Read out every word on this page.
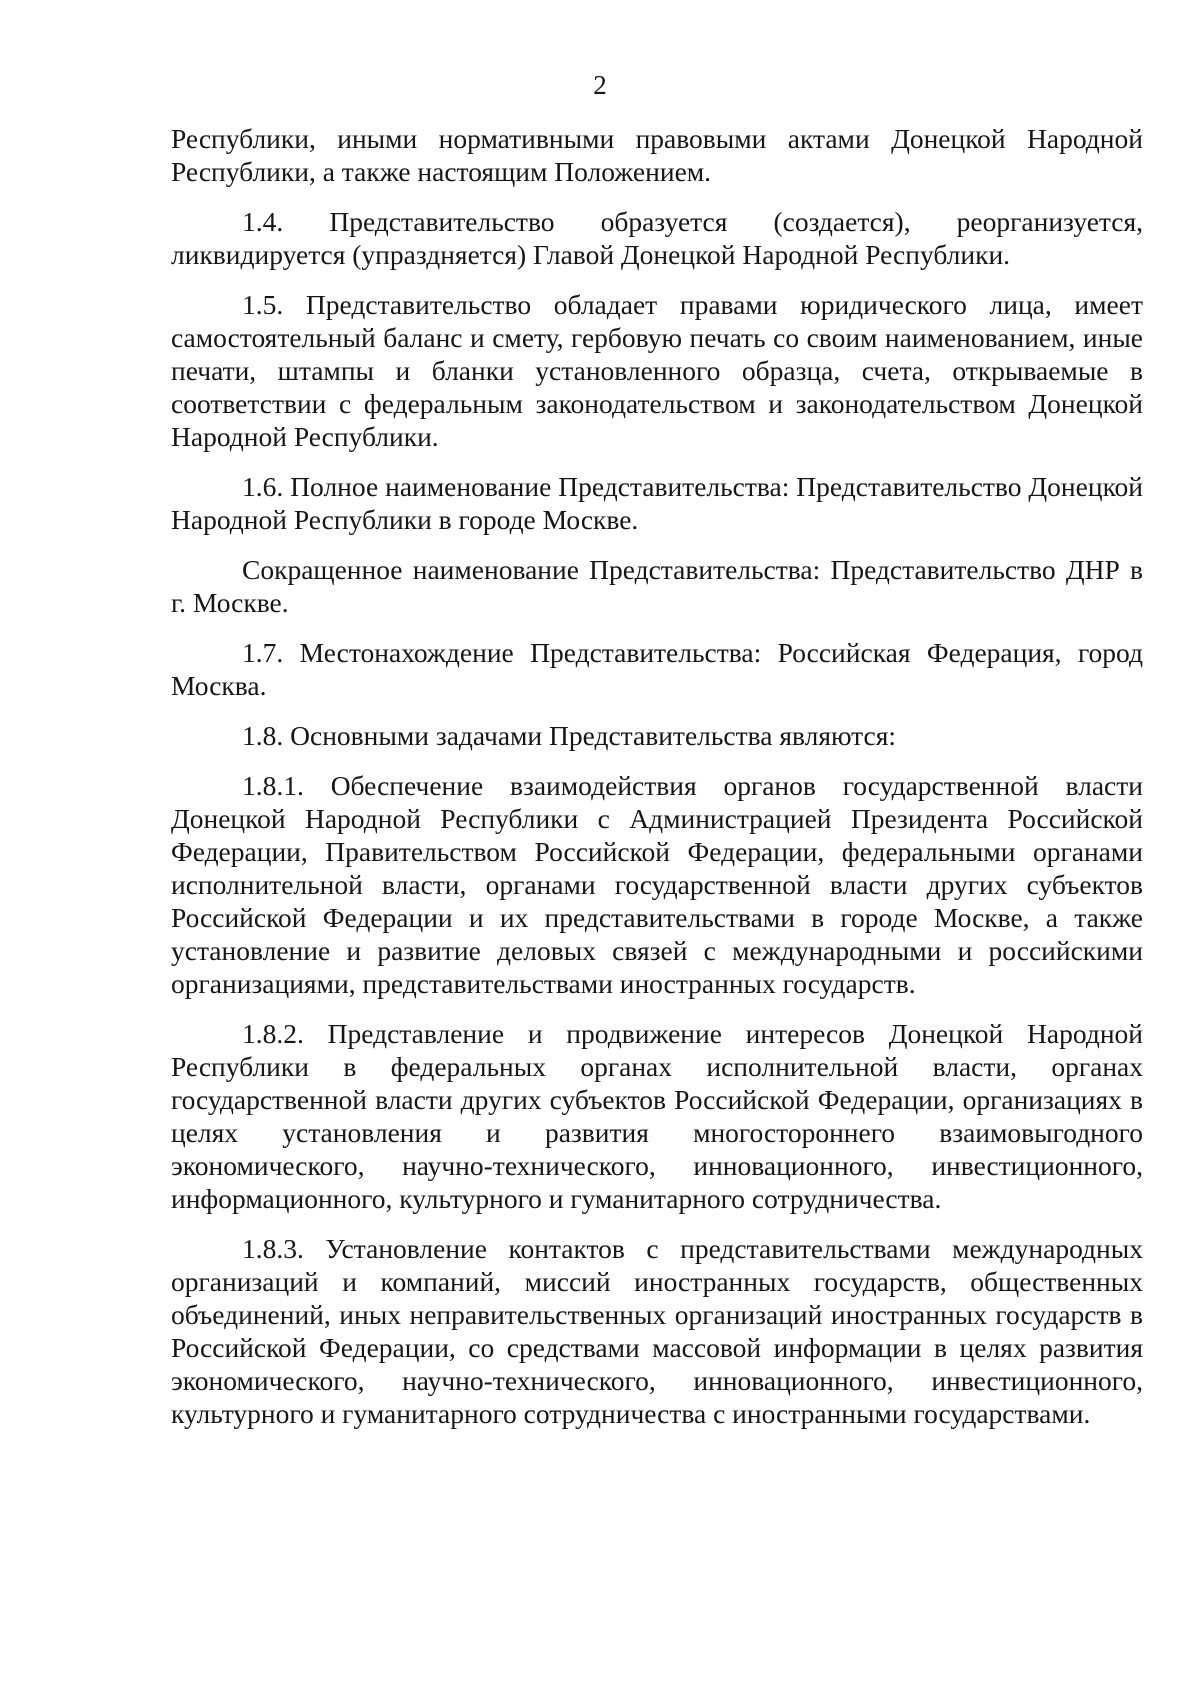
2

Республики, иными нормативными правовыми актами Донецкой Народной Республики, а также настоящим Положением.

1.4. Представительство образуется (создается), реорганизуется, ликвидируется (упраздняется) Главой Донецкой Народной Республики.

1.5. Представительство обладает правами юридического лица, имеет самостоятельный баланс и смету, гербовую печать со своим наименованием, иные печати, штампы и бланки установленного образца, счета, открываемые в соответствии с федеральным законодательством и законодательством Донецкой Народной Республики.

1.6. Полное наименование Представительства: Представительство Донецкой Народной Республики в городе Москве.

Сокращенное наименование Представительства: Представительство ДНР в г. Москве.

1.7. Местонахождение Представительства: Российская Федерация, город Москва.

1.8. Основными задачами Представительства являются:

1.8.1. Обеспечение взаимодействия органов государственной власти Донецкой Народной Республики с Администрацией Президента Российской Федерации, Правительством Российской Федерации, федеральными органами исполнительной власти, органами государственной власти других субъектов Российской Федерации и их представительствами в городе Москве, а также установление и развитие деловых связей с международными и российскими организациями, представительствами иностранных государств.

1.8.2. Представление и продвижение интересов Донецкой Народной Республики в федеральных органах исполнительной власти, органах государственной власти других субъектов Российской Федерации, организациях в целях установления и развития многостороннего взаимовыгодного экономического, научно-технического, инновационного, инвестиционного, информационного, культурного и гуманитарного сотрудничества.

1.8.3. Установление контактов с представительствами международных организаций и компаний, миссий иностранных государств, общественных объединений, иных неправительственных организаций иностранных государств в Российской Федерации, со средствами массовой информации в целях развития экономического, научно-технического, инновационного, инвестиционного, культурного и гуманитарного сотрудничества с иностранными государствами.
